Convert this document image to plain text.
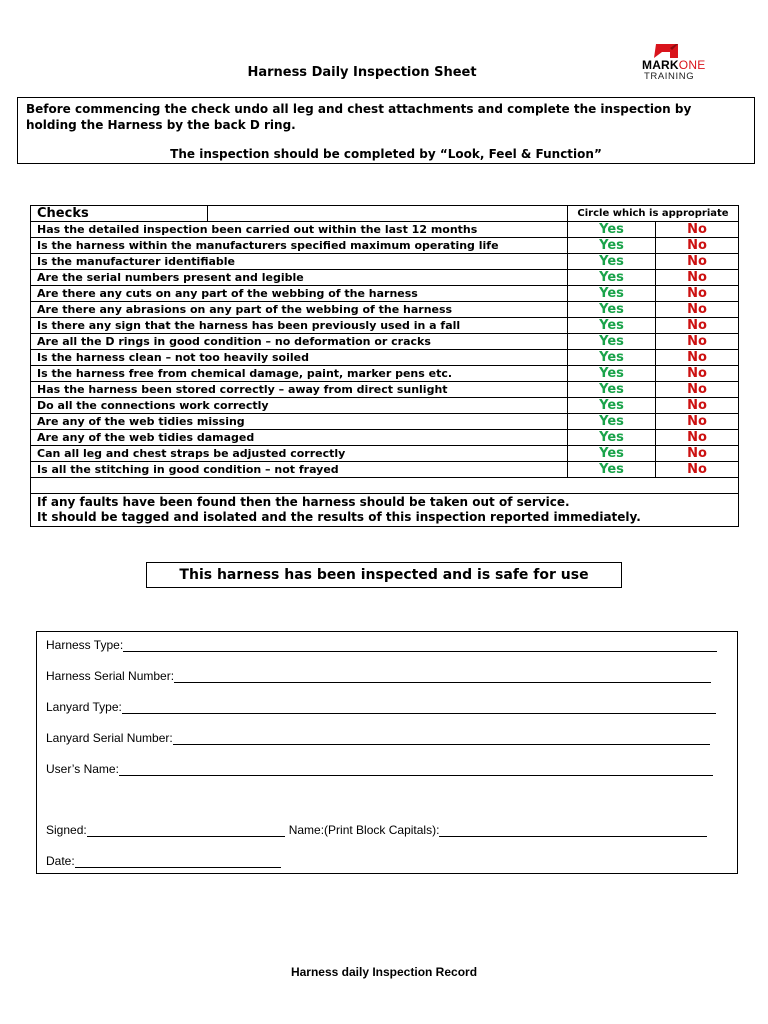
Harness Daily Inspection Sheet	MARKONE
TRAINING
Before commencing the check undo all leg and chest attachments and complete the inspection by holding the Harness by the back D ring.
The inspection should be completed by “Look, Feel & Function”
Checks		Circle which is appropriate	
Has the detailed inspection been carried out within the last 12 months		Yes	No
Is the harness within the manufacturers specified maximum operating life		Yes	No
Is the manufacturer identifiable		Yes	No
Are the serial numbers present and legible		Yes	No
Are there any cuts on any part of the webbing of the harness		Yes	No
Are there any abrasions on any part of the webbing of the harness		Yes	No
Is there any sign that the harness has been previously used in a fall		Yes	No
Are all the D rings in good condition – no deformation or cracks		Yes	No
Is the harness clean – not too heavily soiled		Yes	No
Is the harness free from chemical damage, paint, marker pens etc.		Yes	No
Has the harness been stored correctly – away from direct sunlight		Yes	No
Do all the connections work correctly		Yes	No
Are any of the web tidies missing		Yes	No
Are any of the web tidies damaged		Yes	No
Can all leg and chest straps be adjusted correctly		Yes	No
Is all the stitching in good condition – not frayed		Yes	No

If any faults have been found then the harness should be taken out of service.
It should be tagged and isolated and the results of this inspection reported immediately.			
This harness has been inspected and is safe for use
Harness Type:
Harness Serial Number:
Lanyard Type:
Lanyard Serial Number:
User’s Name:
Signed:	Name:(Print Block Capitals):
Date:
Harness daily Inspection Record
